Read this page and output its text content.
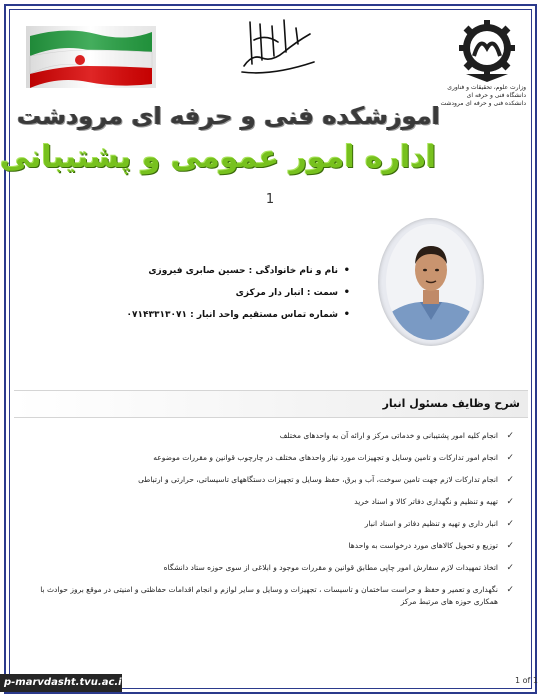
وزارت علوم، تحقیقات و فناوری
دانشگاه فنی و حرفه ای
دانشکده فنی و حرفه ای مرودشت
اموزشکده فنی و حرفه ای مرودشت
اداره امور عمومی و پشتیبانی
1
• نام و نام خانوادگی : حسین صابری فیروزی
• سمت : انبار دار مرکزی
• شماره تماس مستقیم واحد انبار : ۰۷۱۴۳۳۱۳۰۷۱
شرح وظایف مسئول انبار
✓
انجام کلیه امور پشتیبانی و خدماتی مرکز و ارائه آن به واحدهای مختلف
✓
انجام امور تدارکات و تامین وسایل و تجهیزات مورد نیاز واحدهای مختلف در چارچوب قوانین و مقررات موضوعه
✓
انجام تدارکات لازم جهت تامین سوخت، آب و برق، حفظ وسایل و تجهیزات دستگاههای تاسیساتی، حرارتی و ارتباطی
✓
تهیه و تنظیم و نگهداری دفاتر کالا و اسناد خرید
✓
انبار داری و تهیه و تنظیم دفاتر و اسناد انبار
✓
توزیع و تحویل کالاهای مورد درخواست به واحدها
✓
اتخاذ تمهیدات لازم سفارش امور چاپی مطابق قوانین و مقررات موجود و ابلاغی از سوی حوزه ستاد دانشگاه
✓
نگهداری و تعمیر و حفظ و حراست ساختمان و تاسیسات ، تجهیزات و وسایل و سایر لوازم و انجام اقدامات حفاظتی و امنیتی در موقع بروز حوادث با همکاری حوزه های مرتبط مرکز
p-marvdasht.tvu.ac.ir	1 of 1
